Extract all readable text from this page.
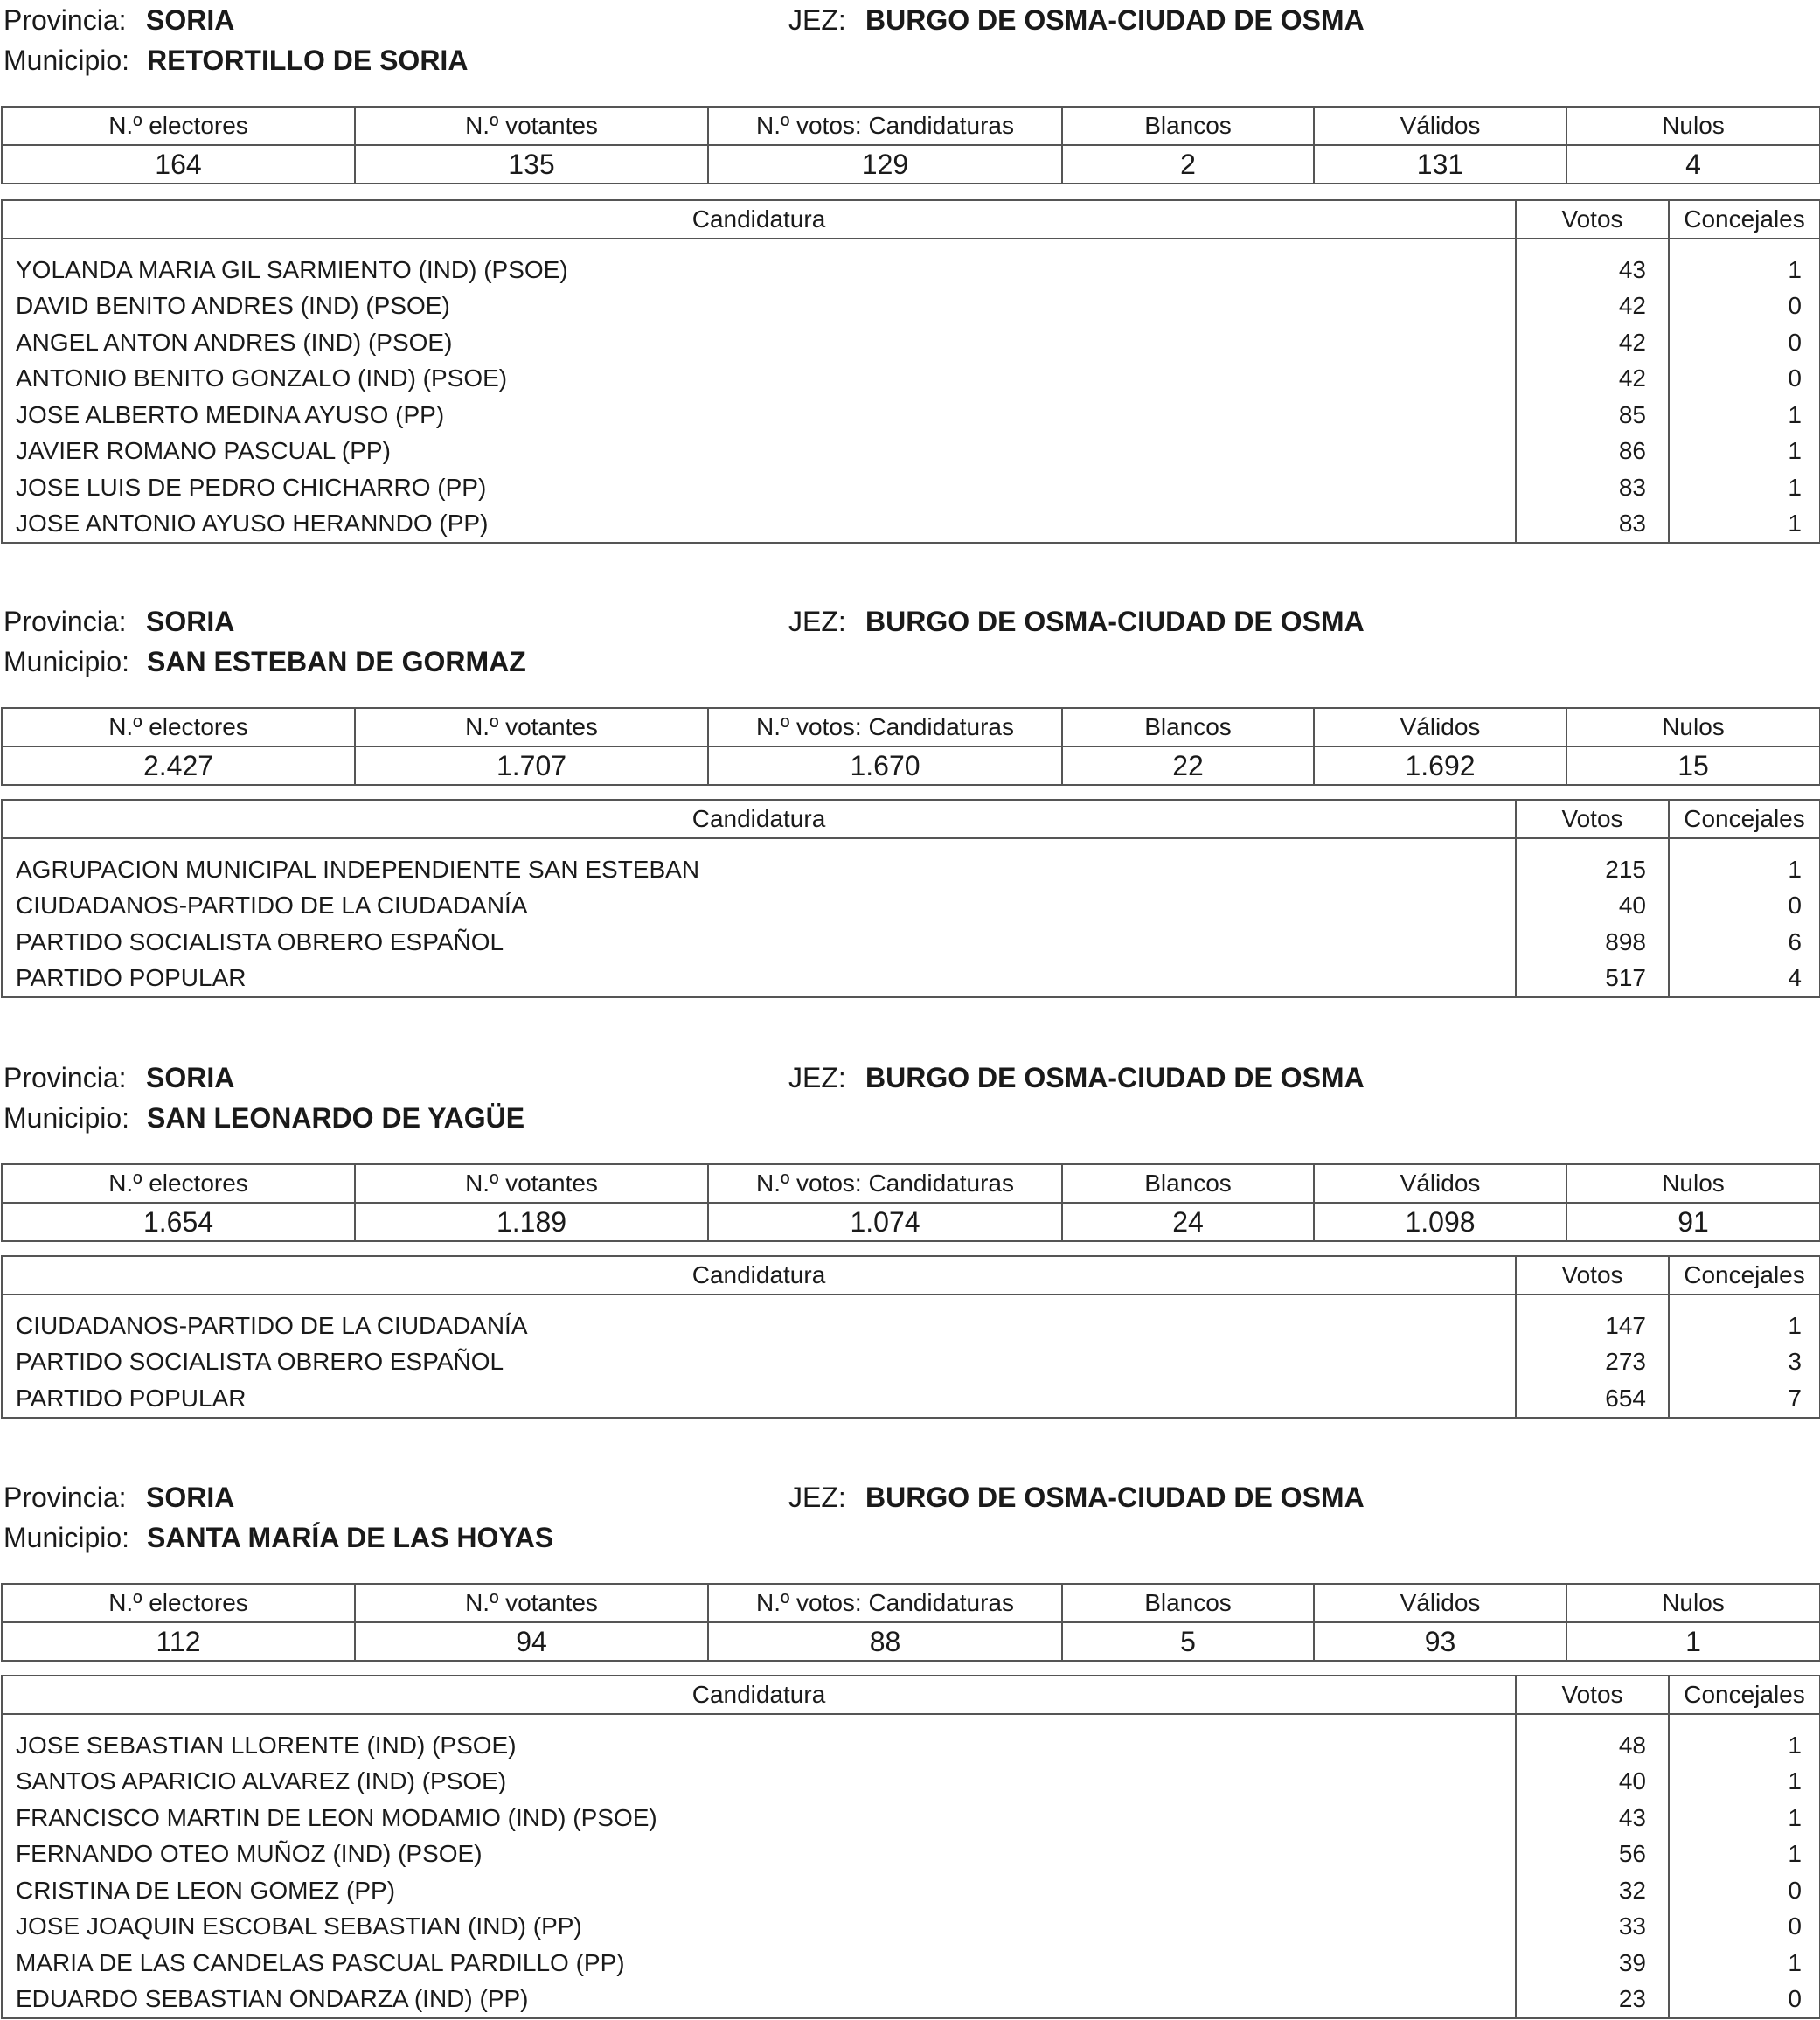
Provincia: SORIA	JEZ: BURGO DE OSMA-CIUDAD DE OSMA
Municipio: RETORTILLO DE SORIA
N.º electores	N.º votantes	N.º votos: Candidaturas	Blancos	Válidos	Nulos
164	135	129	2	131	4
Candidatura	Votos	Concejales
YOLANDA MARIA GIL SARMIENTO (IND) (PSOE)	43	1
DAVID BENITO ANDRES (IND) (PSOE)	42	0
ANGEL ANTON ANDRES (IND) (PSOE)	42	0
ANTONIO BENITO GONZALO (IND) (PSOE)	42	0
JOSE ALBERTO MEDINA AYUSO (PP)	85	1
JAVIER ROMANO PASCUAL (PP)	86	1
JOSE LUIS DE PEDRO CHICHARRO (PP)	83	1
JOSE ANTONIO AYUSO HERANNDO (PP)	83	1
Provincia: SORIA	JEZ: BURGO DE OSMA-CIUDAD DE OSMA
Municipio: SAN ESTEBAN DE GORMAZ
N.º electores	N.º votantes	N.º votos: Candidaturas	Blancos	Válidos	Nulos
2.427	1.707	1.670	22	1.692	15
Candidatura	Votos	Concejales
AGRUPACION MUNICIPAL INDEPENDIENTE SAN ESTEBAN	215	1
CIUDADANOS-PARTIDO DE LA CIUDADANÍA	40	0
PARTIDO SOCIALISTA OBRERO ESPAÑOL	898	6
PARTIDO POPULAR	517	4
Provincia: SORIA	JEZ: BURGO DE OSMA-CIUDAD DE OSMA
Municipio: SAN LEONARDO DE YAGÜE
N.º electores	N.º votantes	N.º votos: Candidaturas	Blancos	Válidos	Nulos
1.654	1.189	1.074	24	1.098	91
Candidatura	Votos	Concejales
CIUDADANOS-PARTIDO DE LA CIUDADANÍA	147	1
PARTIDO SOCIALISTA OBRERO ESPAÑOL	273	3
PARTIDO POPULAR	654	7
Provincia: SORIA	JEZ: BURGO DE OSMA-CIUDAD DE OSMA
Municipio: SANTA MARÍA DE LAS HOYAS
N.º electores	N.º votantes	N.º votos: Candidaturas	Blancos	Válidos	Nulos
112	94	88	5	93	1
Candidatura	Votos	Concejales
JOSE SEBASTIAN LLORENTE (IND) (PSOE)	48	1
SANTOS APARICIO ALVAREZ (IND) (PSOE)	40	1
FRANCISCO MARTIN DE LEON MODAMIO (IND) (PSOE)	43	1
FERNANDO OTEO MUÑOZ (IND) (PSOE)	56	1
CRISTINA DE LEON GOMEZ (PP)	32	0
JOSE JOAQUIN ESCOBAL SEBASTIAN (IND) (PP)	33	0
MARIA DE LAS CANDELAS PASCUAL PARDILLO (PP)	39	1
EDUARDO SEBASTIAN ONDARZA (IND) (PP)	23	0
